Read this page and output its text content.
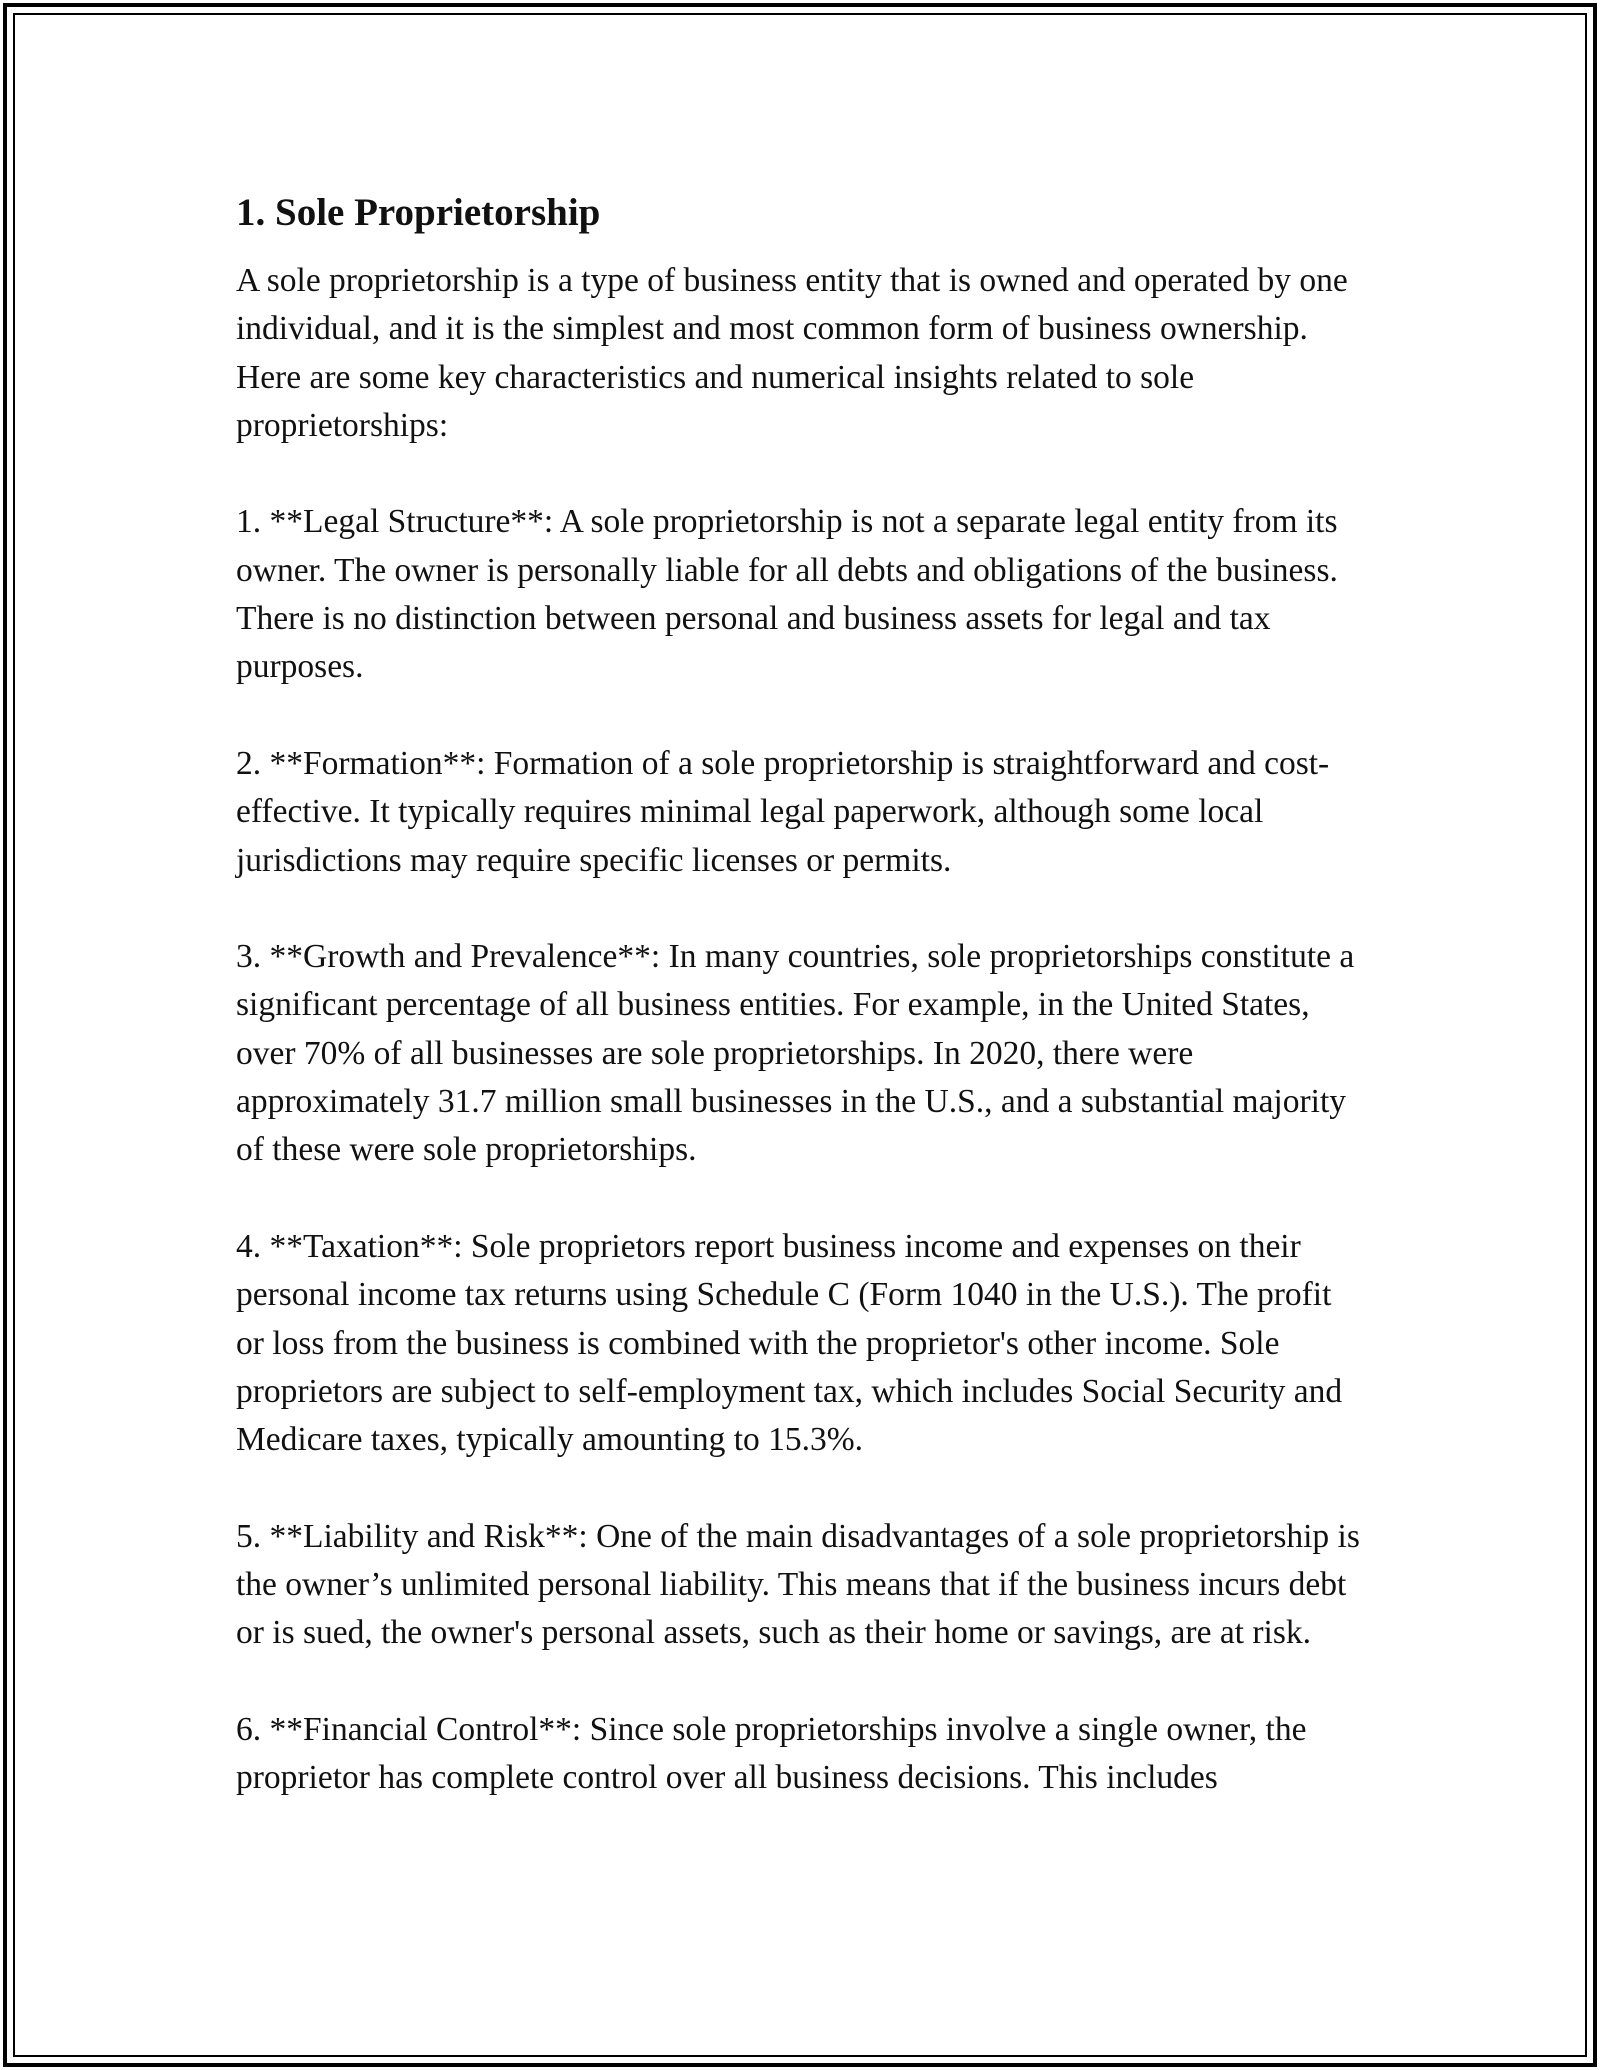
1. Sole Proprietorship

A sole proprietorship is a type of business entity that is owned and operated by one individual, and it is the simplest and most common form of business ownership. Here are some key characteristics and numerical insights related to sole proprietorships:

1. **Legal Structure**: A sole proprietorship is not a separate legal entity from its owner. The owner is personally liable for all debts and obligations of the business. There is no distinction between personal and business assets for legal and tax purposes.

2. **Formation**: Formation of a sole proprietorship is straightforward and cost-effective. It typically requires minimal legal paperwork, although some local jurisdictions may require specific licenses or permits.

3. **Growth and Prevalence**: In many countries, sole proprietorships constitute a significant percentage of all business entities. For example, in the United States, over 70% of all businesses are sole proprietorships. In 2020, there were approximately 31.7 million small businesses in the U.S., and a substantial majority of these were sole proprietorships.

4. **Taxation**: Sole proprietors report business income and expenses on their personal income tax returns using Schedule C (Form 1040 in the U.S.). The profit or loss from the business is combined with the proprietor's other income. Sole proprietors are subject to self-employment tax, which includes Social Security and Medicare taxes, typically amounting to 15.3%.

5. **Liability and Risk**: One of the main disadvantages of a sole proprietorship is the owner’s unlimited personal liability. This means that if the business incurs debt or is sued, the owner's personal assets, such as their home or savings, are at risk.

6. **Financial Control**: Since sole proprietorships involve a single owner, the proprietor has complete control over all business decisions. This includes
